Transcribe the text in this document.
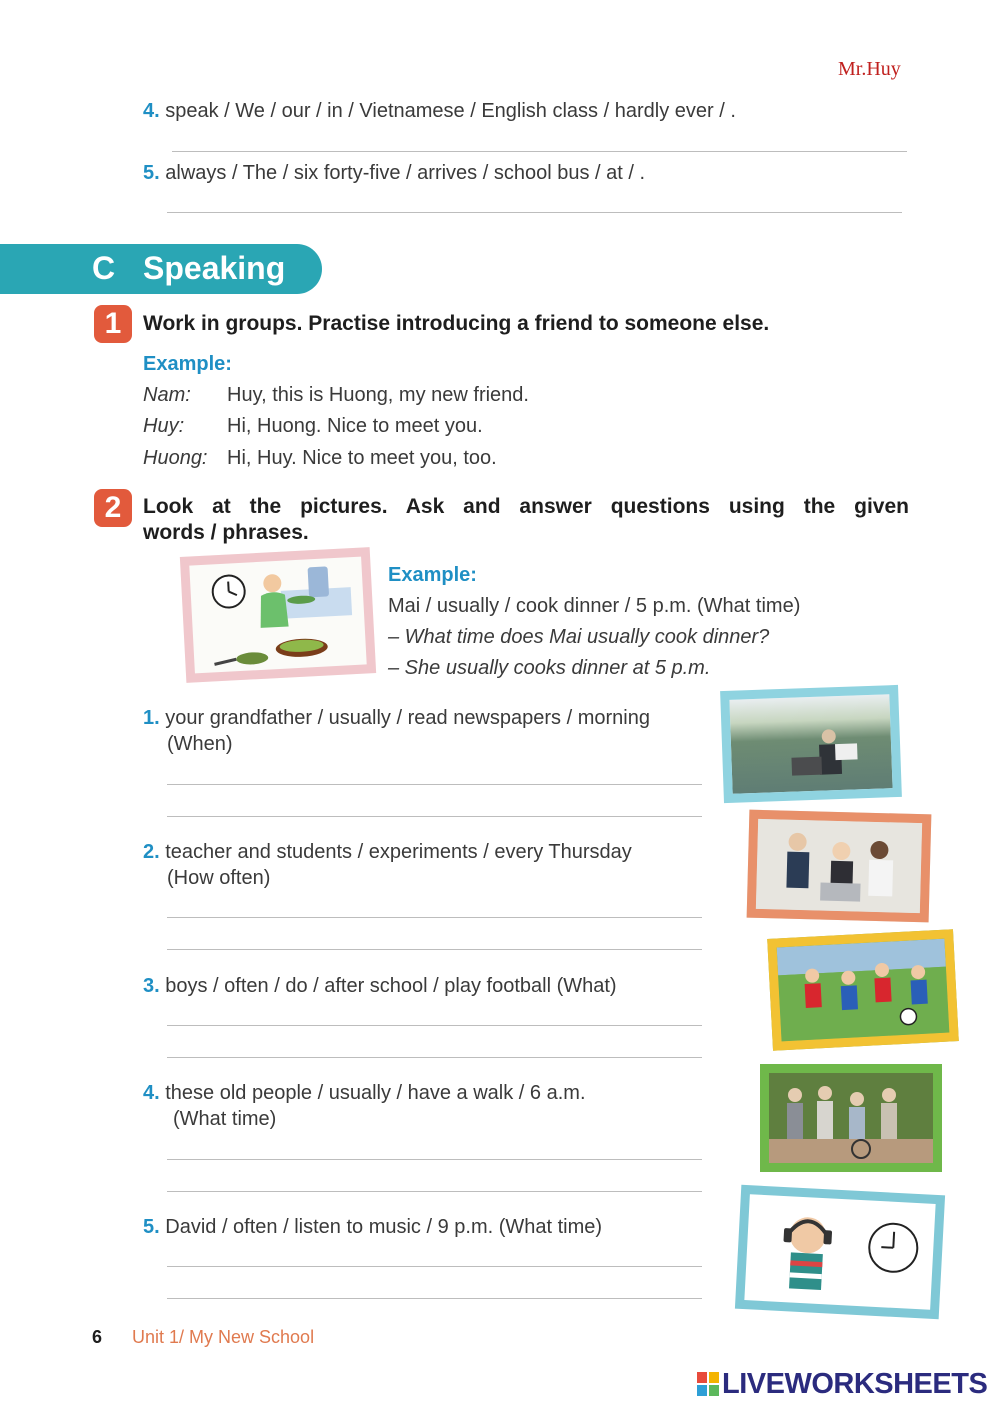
Mr.Huy
4. speak / We / our / in / Vietnamese / English class / hardly ever / .
5. always / The / six forty-five / arrives / school bus / at / .
C Speaking
1	Work in groups. Practise introducing a friend to someone else.
Example:
Nam: Huy, this is Huong, my new friend.
Huy: Hi, Huong. Nice to meet you.
Huong: Hi, Huy. Nice to meet you, too.
2	Look at the pictures. Ask and answer questions using the given
words / phrases.
Example:
Mai / usually / cook dinner / 5 p.m. (What time)
– What time does Mai usually cook dinner?
– She usually cooks dinner at 5 p.m.
1. your grandfather / usually / read newspapers / morning
(When)
2. teacher and students / experiments / every Thursday
(How often)
3. boys / often / do / after school / play football (What)
4. these old people / usually / have a walk / 6 a.m.
(What time)
5. David / often / listen to music / 9 p.m. (What time)
6 Unit 1/ My New School
LIVEWORKSHEETS
